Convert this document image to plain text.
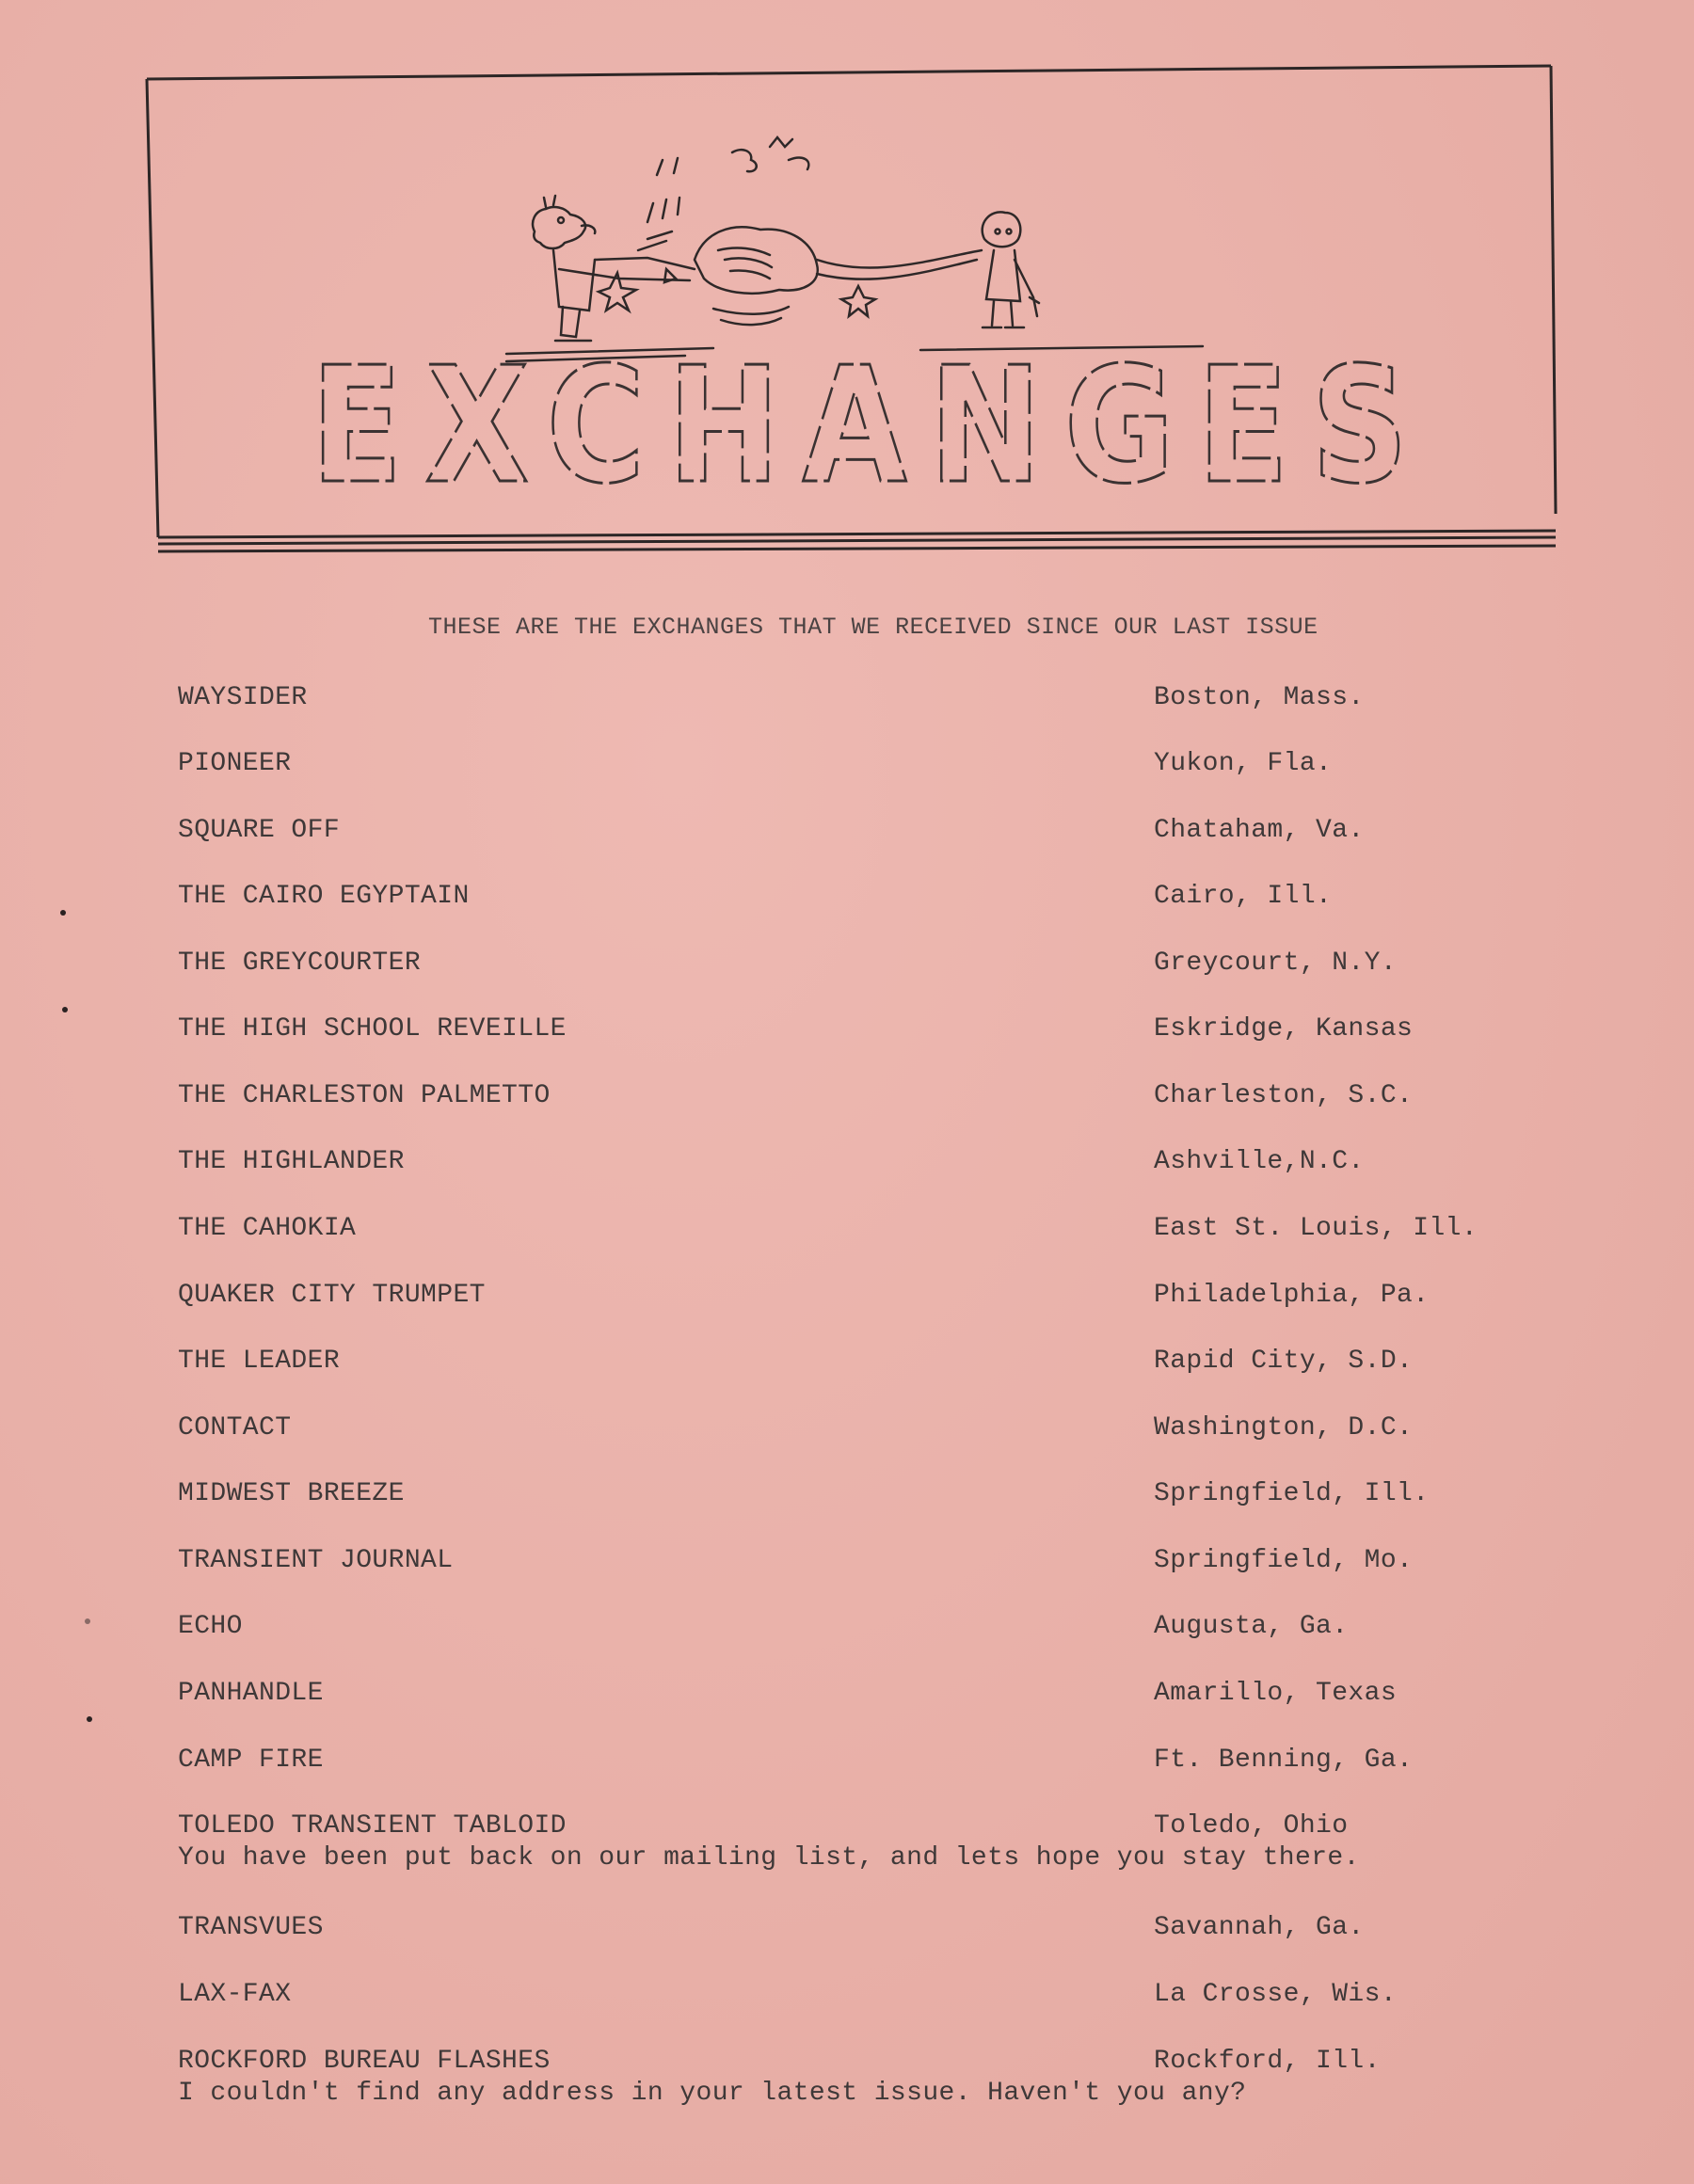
EXCHANGES
THESE ARE THE EXCHANGES THAT WE RECEIVED SINCE OUR LAST ISSUE
WAYSIDER	Boston, Mass.
PIONEER	Yukon, Fla.
SQUARE OFF	Chataham, Va.
THE CAIRO EGYPTAIN	Cairo, Ill.
THE GREYCOURTER	Greycourt, N.Y.
THE HIGH SCHOOL REVEILLE	Eskridge, Kansas
THE CHARLESTON PALMETTO	Charleston, S.C.
THE HIGHLANDER	Ashville,N.C.
THE CAHOKIA	East St. Louis, Ill.
QUAKER CITY TRUMPET	Philadelphia, Pa.
THE LEADER	Rapid City, S.D.
CONTACT	Washington, D.C.
MIDWEST BREEZE	Springfield, Ill.
TRANSIENT JOURNAL	Springfield, Mo.
ECHO	Augusta, Ga.
PANHANDLE	Amarillo, Texas
CAMP FIRE	Ft. Benning, Ga.
TOLEDO TRANSIENT TABLOID	Toledo, Ohio
You have been put back on our mailing list, and lets hope you stay there.
TRANSVUES	Savannah, Ga.
LAX-FAX	La Crosse, Wis.
ROCKFORD BUREAU FLASHES	Rockford, Ill.
I couldn't find any address in your latest issue. Haven't you any?
